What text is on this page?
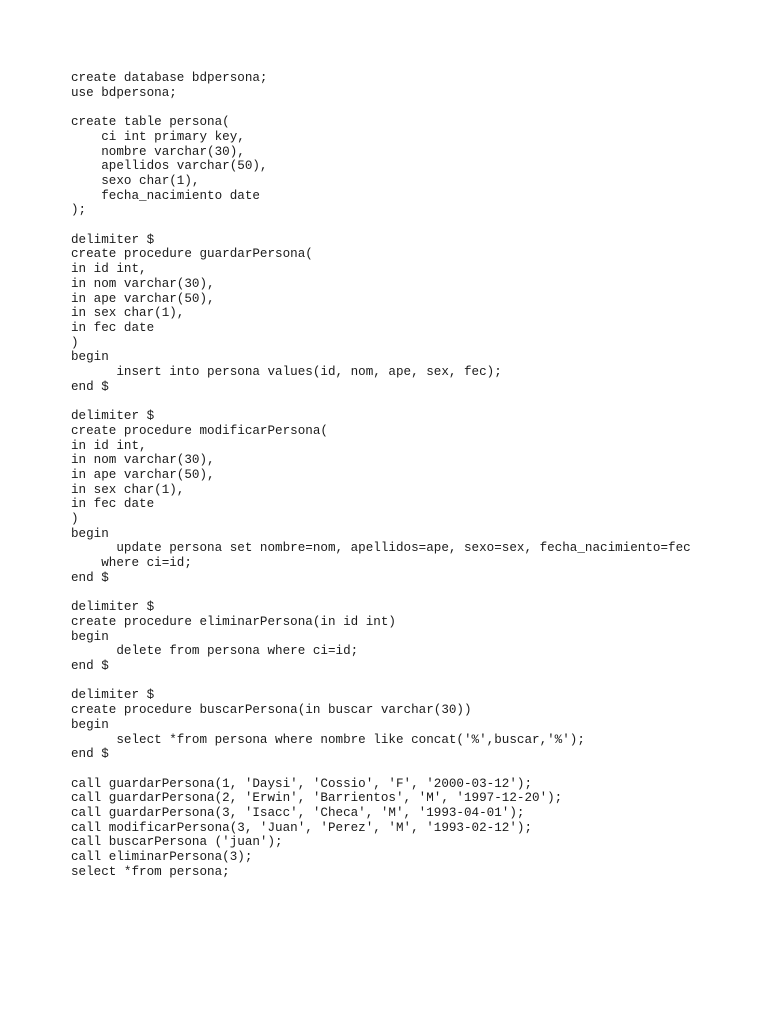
create database bdpersona;
use bdpersona;
create table persona(
ci int primary key,
nombre varchar(30),
apellidos varchar(50),
sexo char(1),
fecha_nacimiento date
);
delimiter $
create procedure guardarPersona(
in id int,
in nom varchar(30),
in ape varchar(50),
in sex char(1),
in fec date
)
begin
insert into persona values(id, nom, ape, sex, fec);
end $
delimiter $
create procedure modificarPersona(
in id int,
in nom varchar(30),
in ape varchar(50),
in sex char(1),
in fec date
)
begin
update persona set nombre=nom, apellidos=ape, sexo=sex, fecha_nacimiento=fec
where ci=id;
end $
delimiter $
create procedure eliminarPersona(in id int)
begin
delete from persona where ci=id;
end $
delimiter $
create procedure buscarPersona(in buscar varchar(30))
begin
select *from persona where nombre like concat('%',buscar,'%');
end $
call guardarPersona(1, 'Daysi', 'Cossio', 'F', '2000-03-12');
call guardarPersona(2, 'Erwin', 'Barrientos', 'M', '1997-12-20');
call guardarPersona(3, 'Isacc', 'Checa', 'M', '1993-04-01');
call modificarPersona(3, 'Juan', 'Perez', 'M', '1993-02-12');
call buscarPersona ('juan');
call eliminarPersona(3);
select *from persona;
